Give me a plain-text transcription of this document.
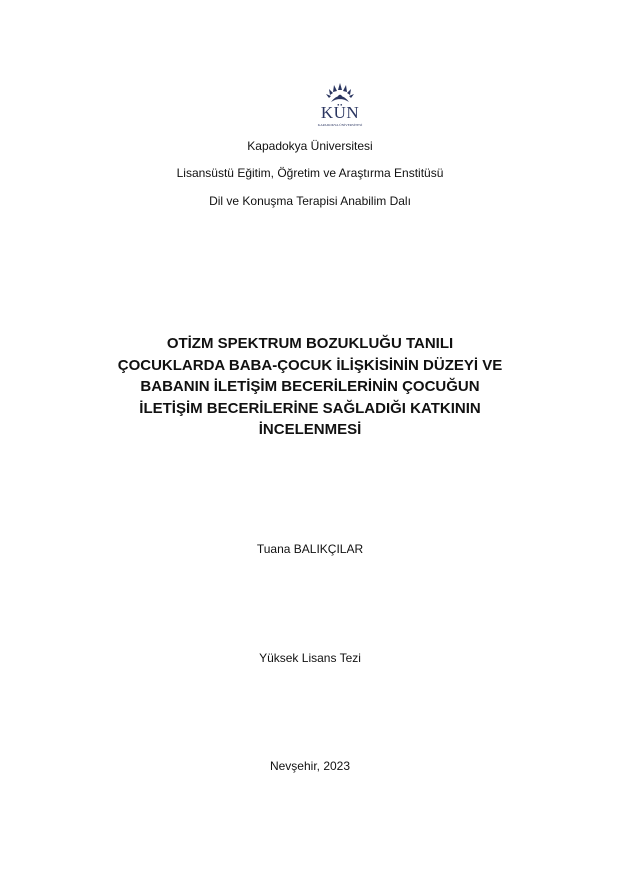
KÜN
KAPADOKYA ÜNİVERSİTESİ
Kapadokya Üniversitesi
Lisansüstü Eğitim, Öğretim ve Araştırma Enstitüsü
Dil ve Konuşma Terapisi Anabilim Dalı
OTİZM SPEKTRUM BOZUKLUĞU TANILI
ÇOCUKLARDA BABA-ÇOCUK İLİŞKİSİNİN DÜZEYİ VE
BABANIN İLETİŞİM BECERİLERİNİN ÇOCUĞUN
İLETİŞİM BECERİLERİNE SAĞLADIĞI KATKININ
İNCELENMESİ
Tuana BALIKÇILAR
Yüksek Lisans Tezi
Nevşehir, 2023
